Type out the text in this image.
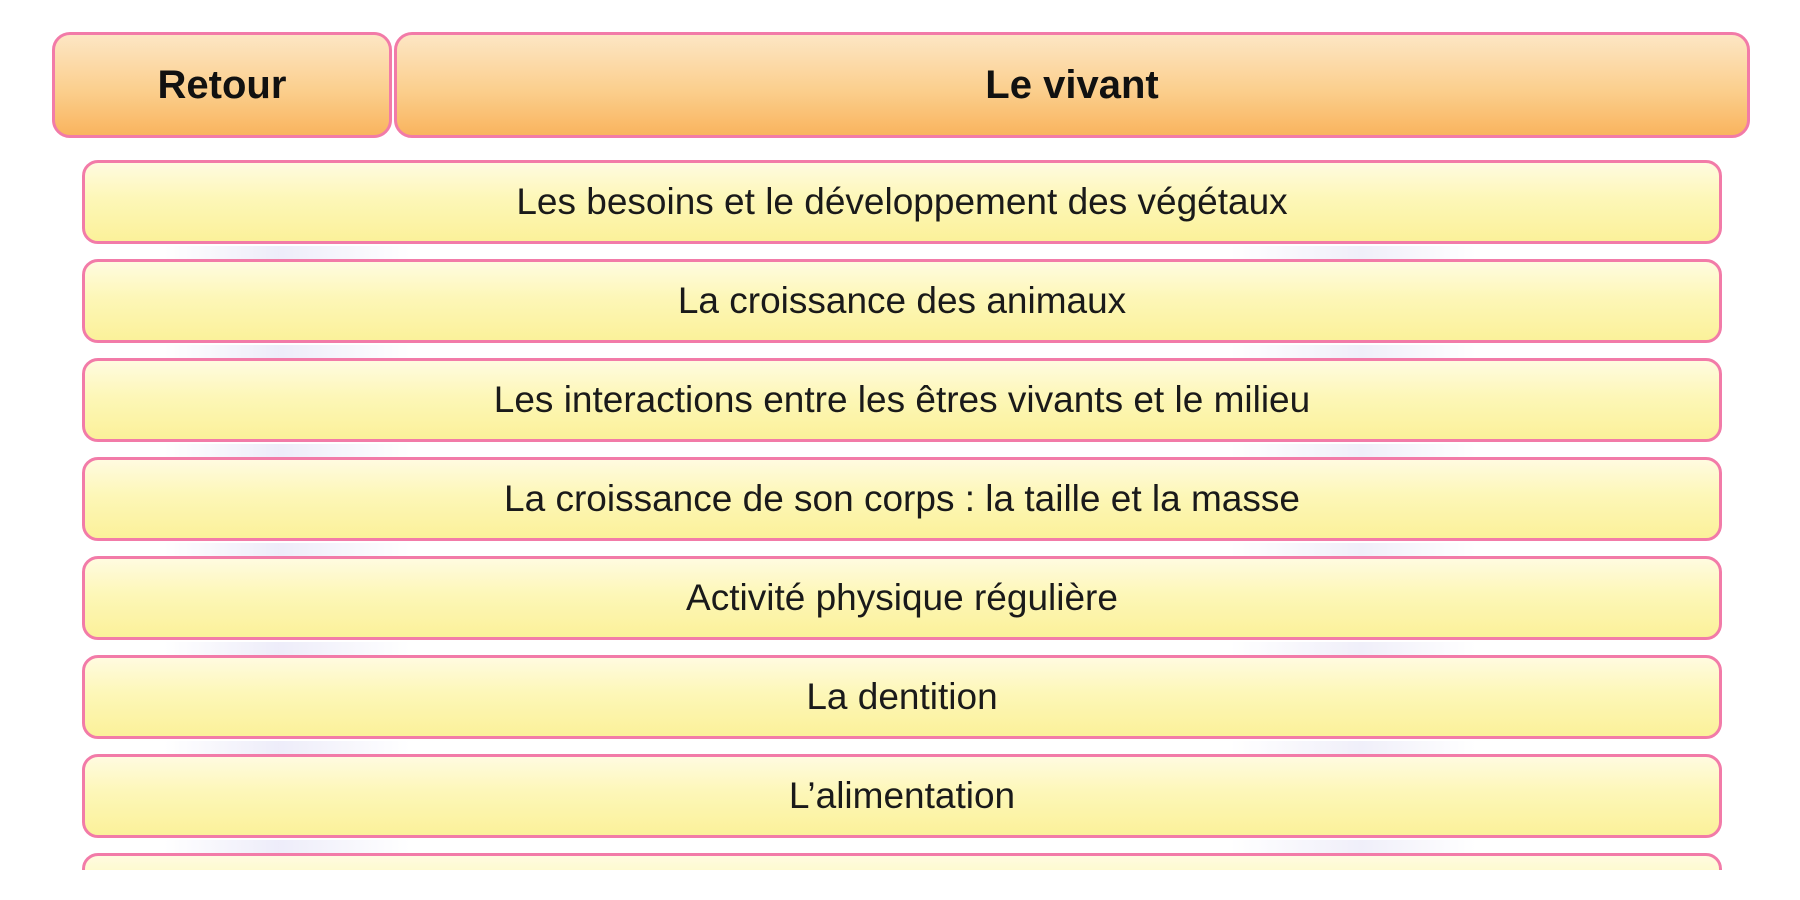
Retour	Le vivant
Les besoins et le développement des végétaux
La croissance des animaux
Les interactions entre les êtres vivants et le milieu
La croissance de son corps : la taille et la masse
Activité physique régulière
La dentition
L’alimentation
